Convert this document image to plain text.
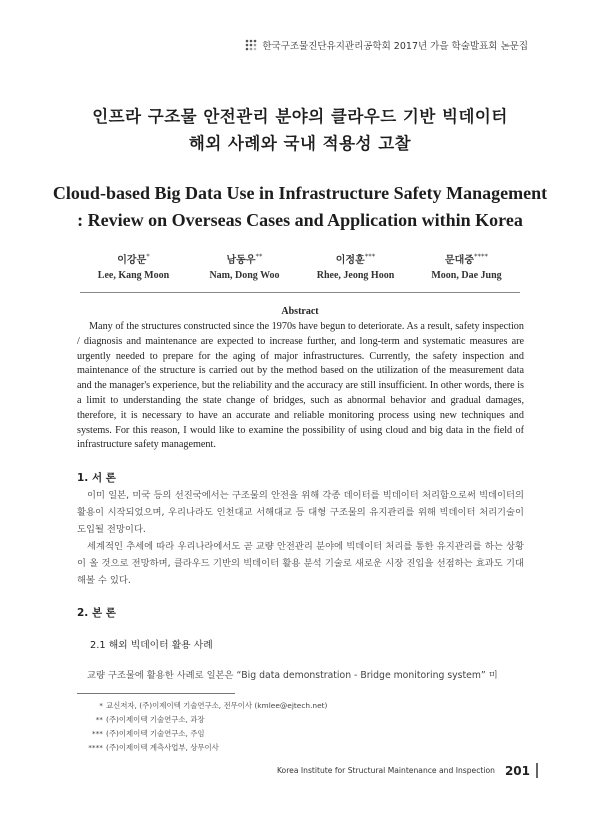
한국구조물진단유지관리공학회 2017년 가을 학술발표회 논문집
인프라 구조물 안전관리 분야의 클라우드 기반 빅데이터
해외 사례와 국내 적용성 고찰
Cloud-based Big Data Use in Infrastructure Safety Management
: Review on Overseas Cases and Application within Korea
이강문*
Lee, Kang Moon
남동우**
Nam, Dong Woo
이정훈***
Rhee, Jeong Hoon
문대중****
Moon, Dae Jung
Abstract
Many of the structures constructed since the 1970s have begun to deteriorate. As a result, safety inspection / diagnosis and maintenance are expected to increase further, and long-term and systematic measures are urgently needed to prepare for the aging of major infrastructures. Currently, the safety inspection and maintenance of the structure is carried out by the method based on the utilization of the measurement data and the manager's experience, but the reliability and the accuracy are still insufficient. In other words, there is a limit to understanding the state change of bridges, such as abnormal behavior and gradual damages, therefore, it is necessary to have an accurate and reliable monitoring process using new techniques and systems. For this reason, I would like to examine the possibility of using cloud and big data in the field of infrastructure safety management.
1. 서 론

이미 일본, 미국 등의 선진국에서는 구조물의 안전을 위해 각종 데이터를 빅데이터 처리함으로써 빅데이터의 활용이 시작되었으며, 우리나라도 인천대교 서해대교 등 대형 구조물의 유지관리를 위해 빅데이터 처리기술이 도입될 전망이다.

세계적인 추세에 따라 우리나라에서도 곧 교량 안전관리 분야에 빅데이터 처리를 통한 유지관리를 하는 상황이 올 것으로 전망하며, 클라우드 기반의 빅데이터 활용 분석 기술로 새로운 시장 진입을 선점하는 효과도 기대해볼 수 있다.

2. 본 론
2.1 해외 빅데이터 활용 사례
교량 구조물에 활용한 사례로 일본은 “Big data demonstration - Bridge monitoring system” 미
* 교신저자, (주)이제이텍 기술연구소, 전무이사 (kmlee@ejtech.net)
** (주)이제이텍 기술연구소, 과장
*** (주)이제이텍 기술연구소, 주임
**** (주)이제이텍 계측사업부, 상무이사
Korea Institute for Structural Maintenance and Inspection 201
